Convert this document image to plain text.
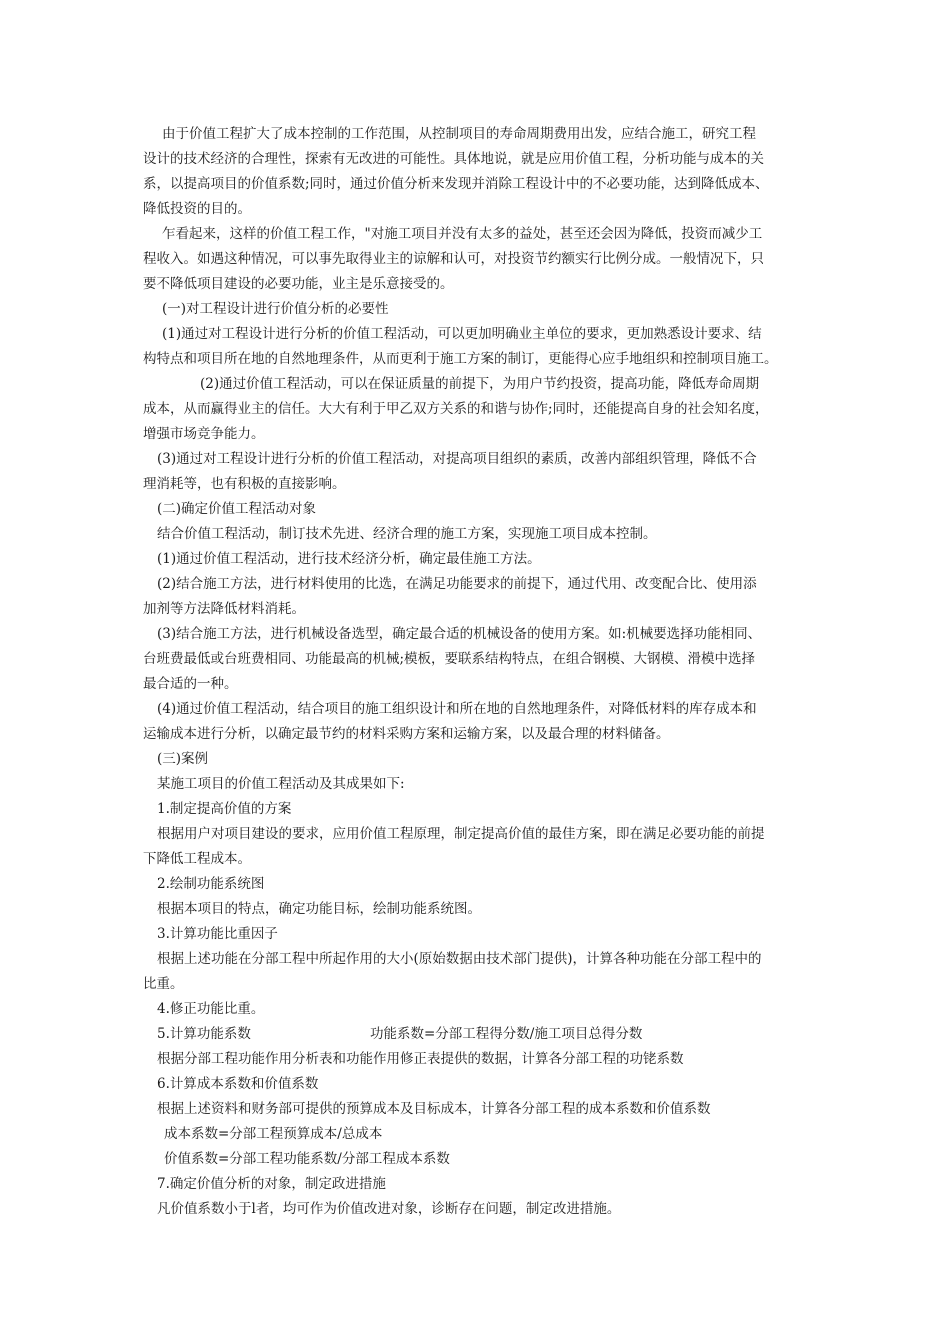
由于价值工程扩大了成本控制的工作范围，从控制项目的寿命周期费用出发，应结合施工，研究工程
设计的技术经济的合理性，探索有无改进的可能性。具体地说，就是应用价值工程，分析功能与成本的关
系，以提高项目的价值系数;同时，通过价值分析来发现并消除工程设计中的不必要功能，达到降低成本、
降低投资的目的。
乍看起来，这样的价值工程工作，"对施工项目并没有太多的益处，甚至还会因为降低，投资而减少工
程收入。如遇这种情况，可以事先取得业主的谅解和认可，对投资节约额实行比例分成。一般情况下，只
要不降低项目建设的必要功能，业主是乐意接受的。
(一)对工程设计进行价值分析的必要性
(1)通过对工程设计进行分析的价值工程活动，可以更加明确业主单位的要求，更加熟悉设计要求、结
构特点和项目所在地的自然地理条件，从而更利于施工方案的制订，更能得心应手地组织和控制项目施工。
(2)通过价值工程活动，可以在保证质量的前提下，为用户节约投资，提高功能，降低寿命周期
成本，从而赢得业主的信任。大大有利于甲乙双方关系的和谐与协作;同时，还能提高自身的社会知名度，
增强市场竞争能力。
(3)通过对工程设计进行分析的价值工程活动，对提高项目组织的素质，改善内部组织管理，降低不合
理消耗等，也有积极的直接影响。
(二)确定价值工程活动对象
结合价值工程活动，制订技术先进、经济合理的施工方案，实现施工项目成本控制。
(1)通过价值工程活动，进行技术经济分析，确定最佳施工方法。
(2)结合施工方法，进行材料使用的比选，在满足功能要求的前提下，通过代用、改变配合比、使用添
加剂等方法降低材料消耗。
(3)结合施工方法，进行机械设备选型，确定最合适的机械设备的使用方案。如:机械要选择功能相同、
台班费最低或台班费相同、功能最高的机械;模板，要联系结构特点，在组合钢模、大钢模、滑模中选择
最合适的一种。
(4)通过价值工程活动，结合项目的施工组织设计和所在地的自然地理条件，对降低材料的库存成本和
运输成本进行分析，以确定最节约的材料采购方案和运输方案，以及最合理的材料储备。
(三)案例
某施工项目的价值工程活动及其成果如下:
1.制定提高价值的方案
根据用户对项目建设的要求，应用价值工程原理，制定提高价值的最佳方案，即在满足必要功能的前提
下降低工程成本。
2.绘制功能系统图
根据本项目的特点，确定功能目标，绘制功能系统图。
3.计算功能比重因子
根据上述功能在分部工程中所起作用的大小(原始数据由技术部门提供)，计算各种功能在分部工程中的
比重。
4.修正功能比重。
5.计算功能系数	功能系数=分部工程得分数/施工项目总得分数
根据分部工程功能作用分析表和功能作用修正表提供的数据，计算各分部工程的功铑系数
6.计算成本系数和价值系数
根据上述资料和财务部可提供的预算成本及目标成本，计算各分部工程的成本系数和价值系数
成本系数=分部工程预算成本/总成本
价值系数=分部工程功能系数/分部工程成本系数
7.确定价值分析的对象，制定政进措施
凡价值系数小于l者，均可作为价值改进对象，诊断存在问题，制定改进措施。
